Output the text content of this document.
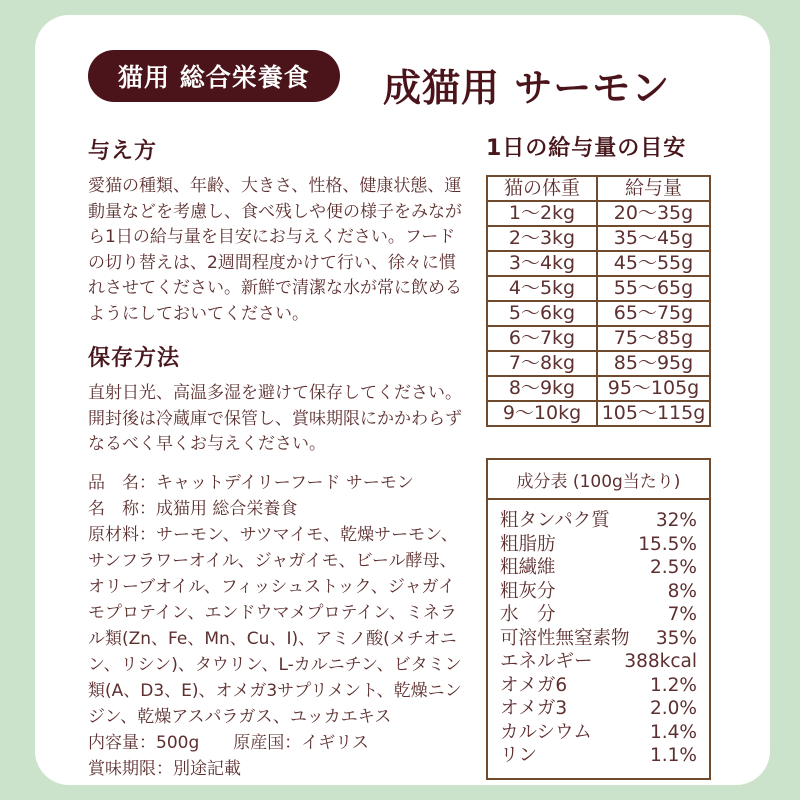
猫用 総合栄養食 成猫用 サーモン
与え方

愛猫の種類、年齢、大きさ、性格、健康状態、運動量などを考慮し、食べ残しや便の様子をみながら1日の給与量を目安にお与えください。フードの切り替えは、2週間程度かけて行い、徐々に慣れさせてください。新鮮で清潔な水が常に飲めるようにしておいてください。

保存方法

直射日光、高温多湿を避けて保存してください。開封後は冷蔵庫で保管し、賞味期限にかかわらずなるべく早くお与えください。

品　名：キャットデイリーフード サーモン

名　称：成猫用 総合栄養食

原材料：サーモン、サツマイモ、乾燥サーモン、サンフラワーオイル、ジャガイモ、ビール酵母、オリーブオイル、フィッシュストック、ジャガイモプロテイン、エンドウマメプロテイン、ミネラル類(Zn、Fe、Mn、Cu、I)、アミノ酸(メチオニン、リシン)、タウリン、L-カルニチン、ビタミン類(A、D3、E)、オメガ3サプリメント、乾燥ニンジン、乾燥アスパラガス、ユッカエキス

内容量：500g　　原産国：イギリス

賞味期限：別途記載

1日の給与量の目安
猫の体重	給与量
1〜2kg	20〜35g
2〜3kg	35〜45g
3〜4kg	45〜55g
4〜5kg	55〜65g
5〜6kg	65〜75g
6〜7kg	75〜85g
7〜8kg	85〜95g
8〜9kg	95〜105g
9〜10kg	105〜115g
成分表 (100g当たり)
粗タンパク質 32%
粗脂肪	15.5%
粗繊維	2.5%
粗灰分	8%
水　分	7%
可溶性無窒素物 35%
エネルギー 388kcal
オメガ6	1.2%
オメガ3	2.0%
カルシウム	1.4%
リン	1.1%
